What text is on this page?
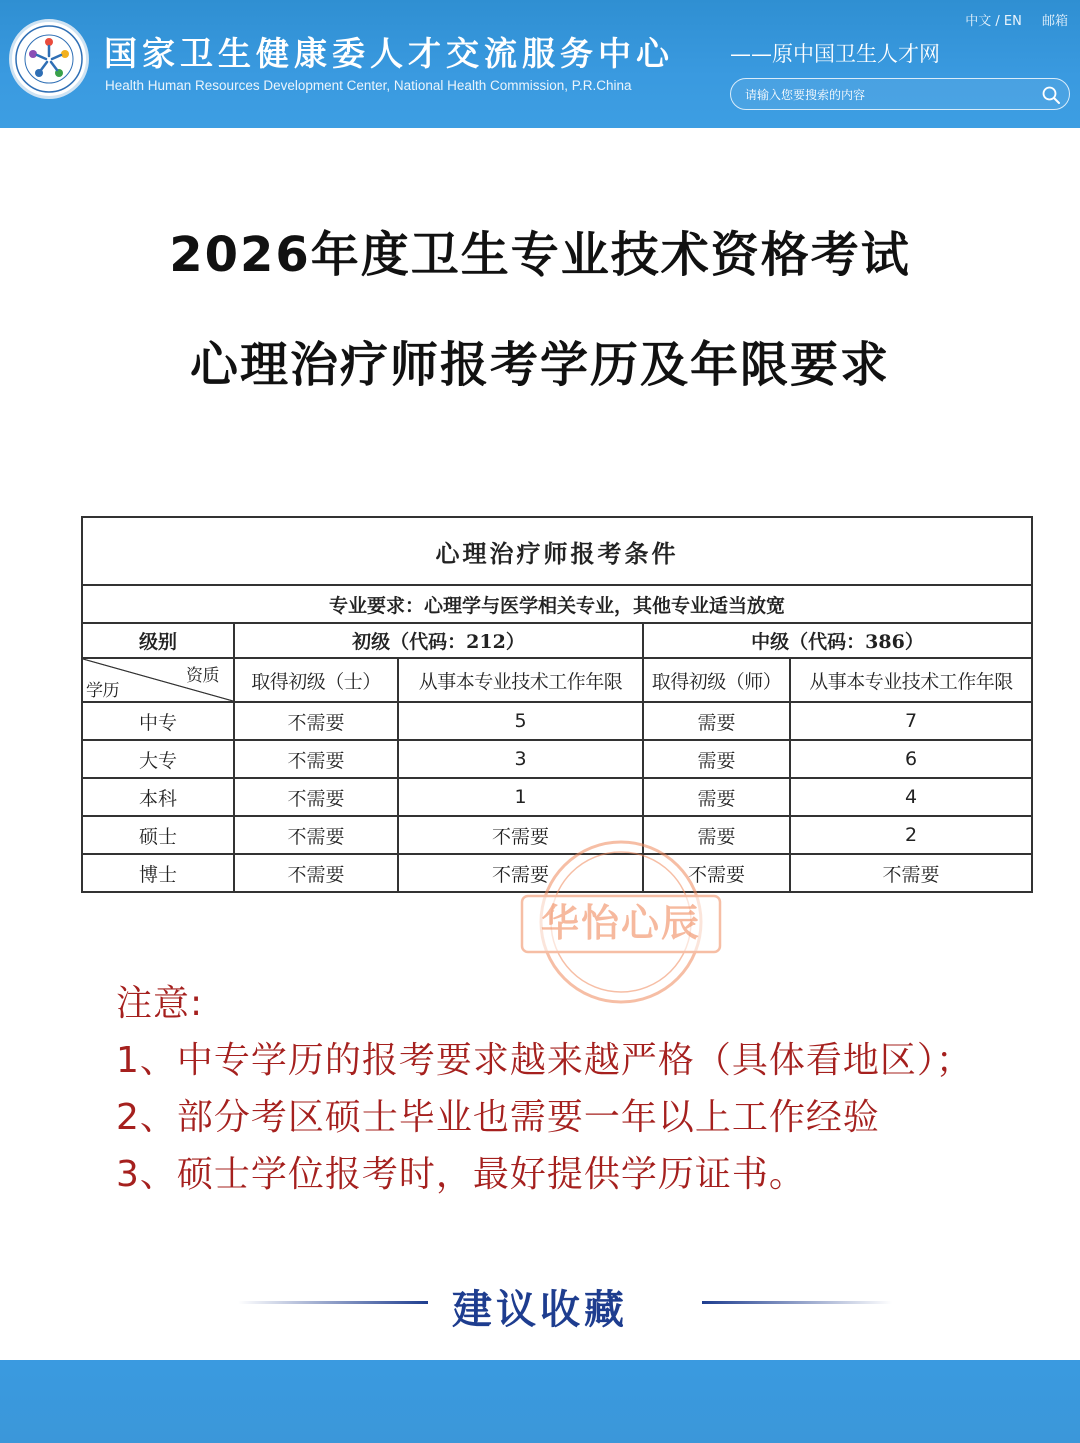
国家卫生健康委人才交流服务中心
Health Human Resources Development Center, National Health Commission, P.R.China
中文 / EN 邮箱
——原中国卫生人才网
请输入您要搜索的内容
2026年度卫生专业技术资格考试
心理治疗师报考学历及年限要求
心理治疗师报考条件				
专业要求：心理学与医学相关专业，其他专业适当放宽				
级别	初级（代码：212）		中级（代码：386）	

资质
学历	取得初级（士）	从事本专业技术工作年限	取得初级（师）	从事本专业技术工作年限
中专	不需要	5	需要	7
大专	不需要	3	需要	6
本科	不需要	1	需要	4
硕士	不需要	不需要	需要	2
博士	不需要	不需要	不需要	不需要
华怡心辰
注意:
1、中专学历的报考要求越来越严格（具体看地区）；
2、部分考区硕士毕业也需要一年以上工作经验
3、硕士学位报考时，最好提供学历证书。
建议收藏
